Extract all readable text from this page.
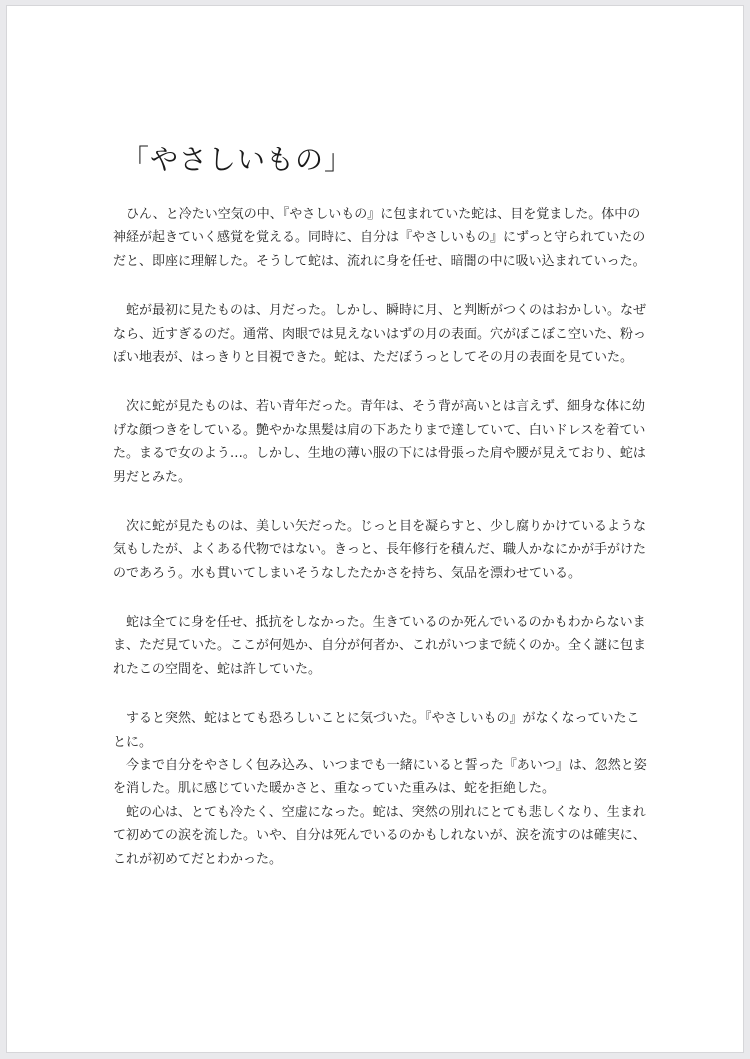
「やさしいもの」
　ひん、と冷たい空気の中、『やさしいもの』に包まれていた蛇は、目を覚ました。体中の
神経が起きていく感覚を覚える。同時に、自分は『やさしいもの』にずっと守られていたの
だと、即座に理解した。そうして蛇は、流れに身を任せ、暗闇の中に吸い込まれていった。
　蛇が最初に見たものは、月だった。しかし、瞬時に月、と判断がつくのはおかしい。なぜ
なら、近すぎるのだ。通常、肉眼では見えないはずの月の表面。穴がぼこぼこ空いた、粉っ
ぽい地表が、はっきりと目視できた。蛇は、ただぼうっとしてその月の表面を見ていた。
　次に蛇が見たものは、若い青年だった。青年は、そう背が高いとは言えず、細身な体に幼
げな顔つきをしている。艶やかな黒髪は肩の下あたりまで達していて、白いドレスを着てい
た。まるで女のよう…。しかし、生地の薄い服の下には骨張った肩や腰が見えており、蛇は
男だとみた。
　次に蛇が見たものは、美しい矢だった。じっと目を凝らすと、少し腐りかけているような
気もしたが、よくある代物ではない。きっと、長年修行を積んだ、職人かなにかが手がけた
のであろう。水も貫いてしまいそうなしたたかさを持ち、気品を漂わせている。
　蛇は全てに身を任せ、抵抗をしなかった。生きているのか死んでいるのかもわからないま
ま、ただ見ていた。ここが何処か、自分が何者か、これがいつまで続くのか。全く謎に包ま
れたこの空間を、蛇は許していた。
　すると突然、蛇はとても恐ろしいことに気づいた。『やさしいもの』がなくなっていたこ
とに。
　今まで自分をやさしく包み込み、いつまでも一緒にいると誓った『あいつ』は、忽然と姿
を消した。肌に感じていた暖かさと、重なっていた重みは、蛇を拒絶した。
　蛇の心は、とても冷たく、空虚になった。蛇は、突然の別れにとても悲しくなり、生まれ
て初めての涙を流した。いや、自分は死んでいるのかもしれないが、涙を流すのは確実に、
これが初めてだとわかった。
